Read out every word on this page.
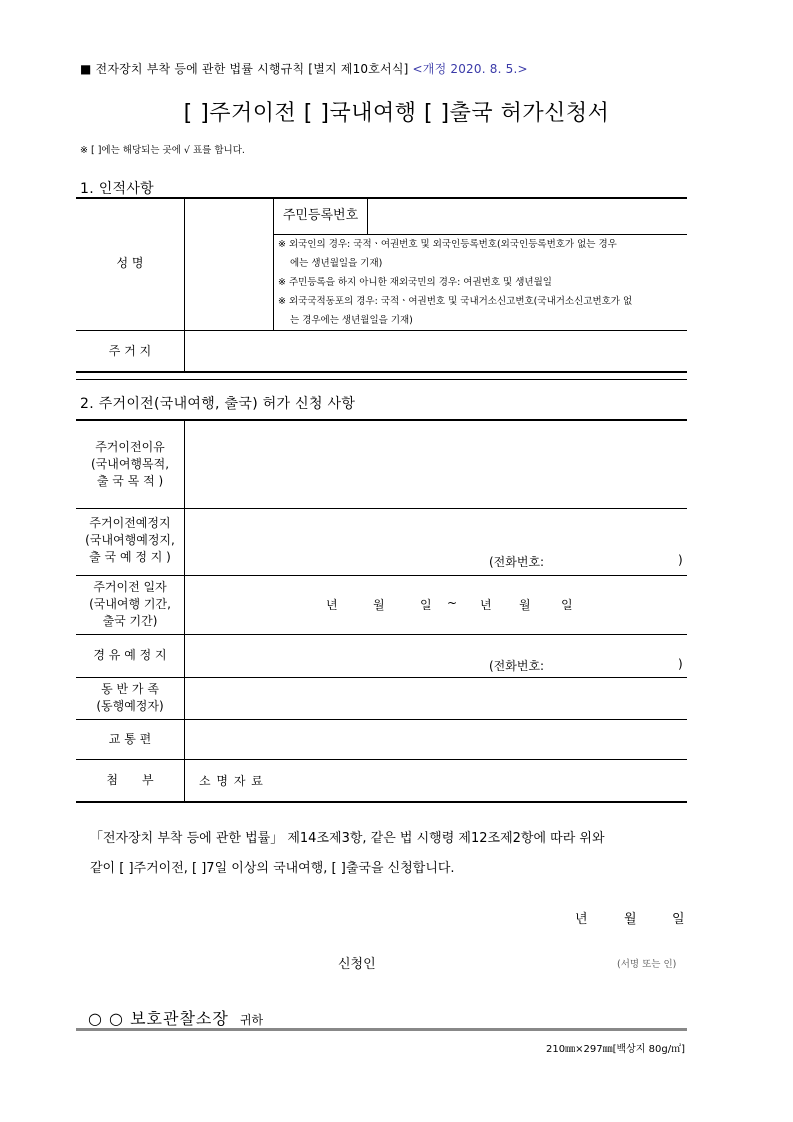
■ 전자장치 부착 등에 관한 법률 시행규칙 [별지 제10호서식] <개정 2020. 8. 5.>
[ ]주거이전 [ ]국내여행 [ ]출국 허가신청서
※ [ ]에는 해당되는 곳에 √ 표를 합니다.
1. 인적사항
성 명
주민등록번호
※ 외국인의 경우: 국적ㆍ여권번호 및 외국인등록번호(외국인등록번호가 없는 경우
에는 생년월일을 기재)
※ 주민등록을 하지 아니한 재외국민의 경우: 여권번호 및 생년월일
※ 외국국적동포의 경우: 국적ㆍ여권번호 및 국내거소신고번호(국내거소신고번호가 없
는 경우에는 생년월일을 기재)
주 거 지
2. 주거이전(국내여행, 출국) 허가 신청 사항
주거이전이유
(국내여행목적,
출 국 목 적 )
주거이전예정지
(국내여행예정지,
출 국 예 정 지 )	(전화번호:	)
주거이전 일자
(국내여행 기간,
출국 기간)
년	월	일 ~ 년 월	일
경 유 예 정 지
(전화번호:	)
동 반 가 족
(동행예정자)
교 통 편
첨　　부	소 명 자 료
「전자장치 부착 등에 관한 법률」 제14조제3항, 같은 법 시행령 제12조제2항에 따라 위와
같이 [ ]주거이전, [ ]7일 이상의 국내여행, [ ]출국을 신청합니다.
년	월	일
신청인	(서명 또는 인)
○ ○ 보호관찰소장 귀하
210㎜×297㎜[백상지 80g/㎡]
